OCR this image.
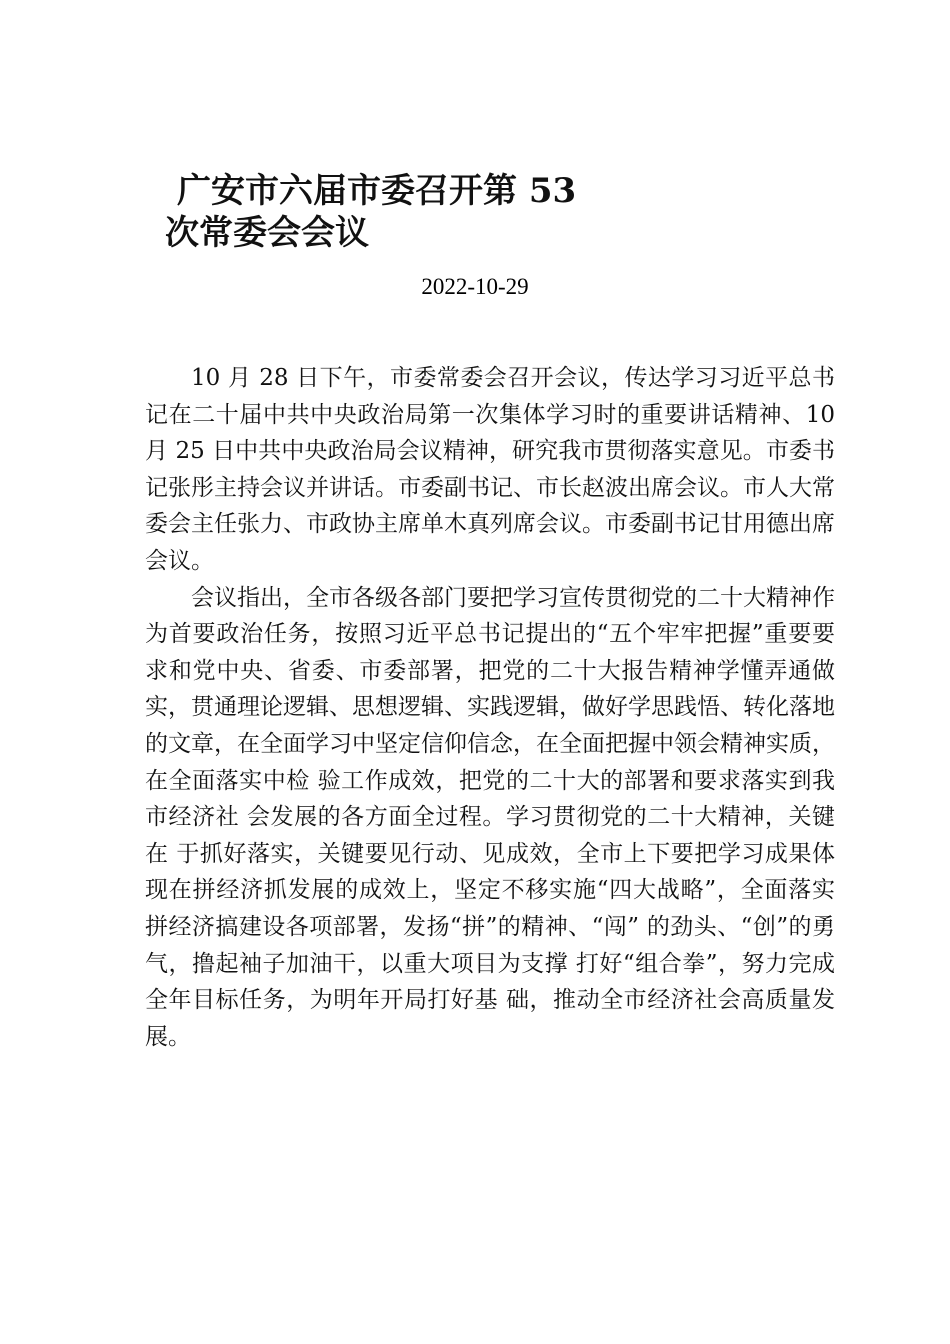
广安市六届市委召开第 53 次常委会会议
2022-10-29

10 月 28 日下午，市委常委会召开会议，传达学习习近平总书记在二十届中共中央政治局第一次集体学习时的重要讲话精神、10 月 25 日中共中央政治局会议精神，研究我市贯彻落实意见。市委书记张彤主持会议并讲话。市委副书记、市长赵波出席会议。市人大常委会主任张力、市政协主席单木真列席会议。市委副书记甘用德出席会议。

会议指出，全市各级各部门要把学习宣传贯彻党的二十大精神作为首要政治任务，按照习近平总书记提出的“五个牢牢把握”重要要求和党中央、省委、市委部署，把党的二十大报告精神学懂弄通做实，贯通理论逻辑、思想逻辑、实践逻辑，做好学思践悟、转化落地的文章，在全面学习中坚定信仰信念，在全面把握中领会精神实质，在全面落实中检 验工作成效，把党的二十大的部署和要求落实到我市经济社 会发展的各方面全过程。学习贯彻党的二十大精神，关键在 于抓好落实，关键要见行动、见成效，全市上下要把学习成果体现在拼经济抓发展的成效上，坚定不移实施“四大战略”，全面落实拼经济搞建设各项部署，发扬“拼”的精神、“闯” 的劲头、“创”的勇气，撸起袖子加油干，以重大项目为支撑 打好“组合拳”，努力完成全年目标任务，为明年开局打好基 础，推动全市经济社会高质量发展。
